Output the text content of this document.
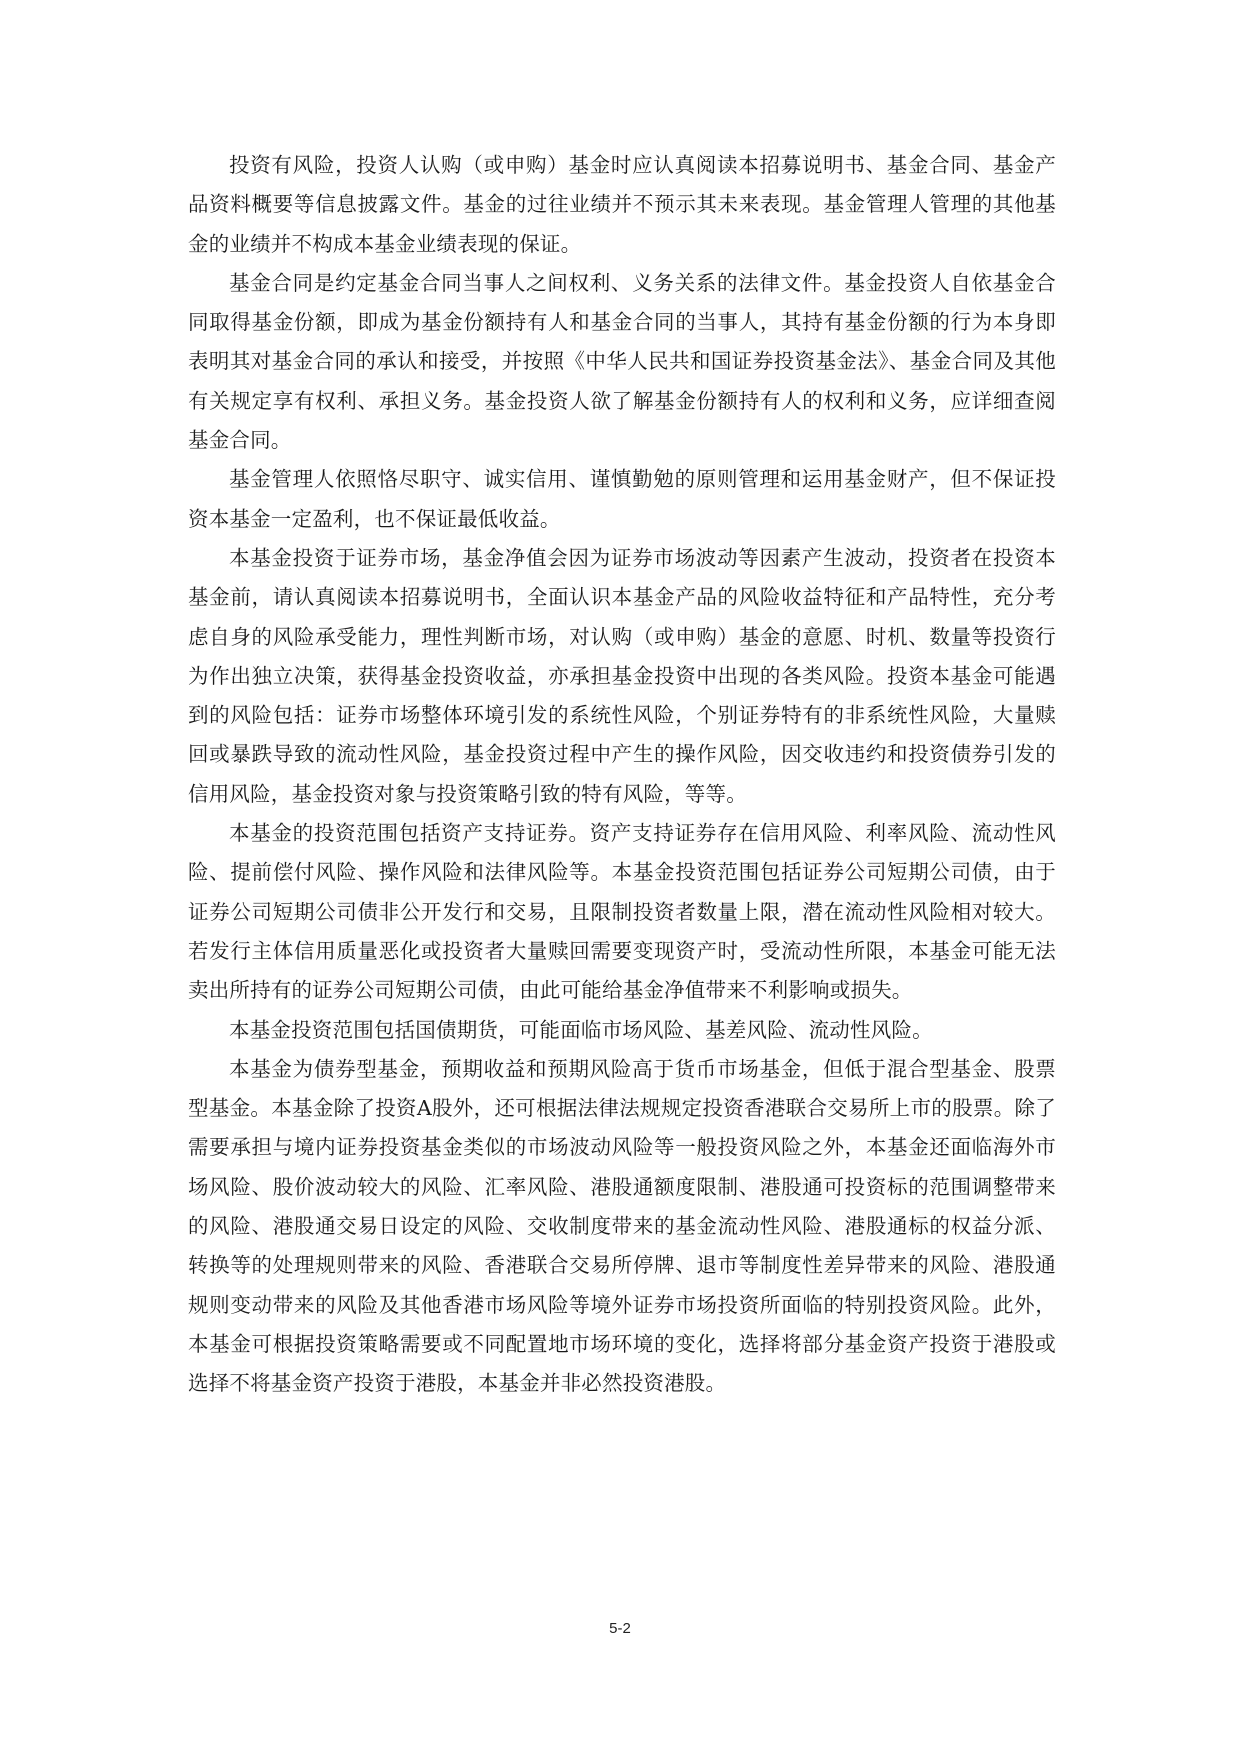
投资有风险，投资人认购（或申购）基金时应认真阅读本招募说明书、基金合同、基金产品资料概要等信息披露文件。基金的过往业绩并不预示其未来表现。基金管理人管理的其他基金的业绩并不构成本基金业绩表现的保证。

基金合同是约定基金合同当事人之间权利、义务关系的法律文件。基金投资人自依基金合同取得基金份额，即成为基金份额持有人和基金合同的当事人，其持有基金份额的行为本身即表明其对基金合同的承认和接受，并按照《中华人民共和国证券投资基金法》、基金合同及其他有关规定享有权利、承担义务。基金投资人欲了解基金份额持有人的权利和义务，应详细查阅基金合同。

基金管理人依照恪尽职守、诚实信用、谨慎勤勉的原则管理和运用基金财产，但不保证投资本基金一定盈利，也不保证最低收益。

本基金投资于证券市场，基金净值会因为证券市场波动等因素产生波动，投资者在投资本基金前，请认真阅读本招募说明书，全面认识本基金产品的风险收益特征和产品特性，充分考虑自身的风险承受能力，理性判断市场，对认购（或申购）基金的意愿、时机、数量等投资行为作出独立决策，获得基金投资收益，亦承担基金投资中出现的各类风险。投资本基金可能遇到的风险包括：证券市场整体环境引发的系统性风险，个别证券特有的非系统性风险，大量赎回或暴跌导致的流动性风险，基金投资过程中产生的操作风险，因交收违约和投资债券引发的信用风险，基金投资对象与投资策略引致的特有风险，等等。

本基金的投资范围包括资产支持证券。资产支持证券存在信用风险、利率风险、流动性风险、提前偿付风险、操作风险和法律风险等。本基金投资范围包括证券公司短期公司债，由于证券公司短期公司债非公开发行和交易，且限制投资者数量上限，潜在流动性风险相对较大。若发行主体信用质量恶化或投资者大量赎回需要变现资产时，受流动性所限，本基金可能无法卖出所持有的证券公司短期公司债，由此可能给基金净值带来不利影响或损失。

本基金投资范围包括国债期货，可能面临市场风险、基差风险、流动性风险。

本基金为债券型基金，预期收益和预期风险高于货币市场基金，但低于混合型基金、股票型基金。本基金除了投资A股外，还可根据法律法规规定投资香港联合交易所上市的股票。除了需要承担与境内证券投资基金类似的市场波动风险等一般投资风险之外，本基金还面临海外市场风险、股价波动较大的风险、汇率风险、港股通额度限制、港股通可投资标的范围调整带来的风险、港股通交易日设定的风险、交收制度带来的基金流动性风险、港股通标的权益分派、转换等的处理规则带来的风险、香港联合交易所停牌、退市等制度性差异带来的风险、港股通规则变动带来的风险及其他香港市场风险等境外证券市场投资所面临的特别投资风险。此外，本基金可根据投资策略需要或不同配置地市场环境的变化，选择将部分基金资产投资于港股或选择不将基金资产投资于港股，本基金并非必然投资港股。

5-2
